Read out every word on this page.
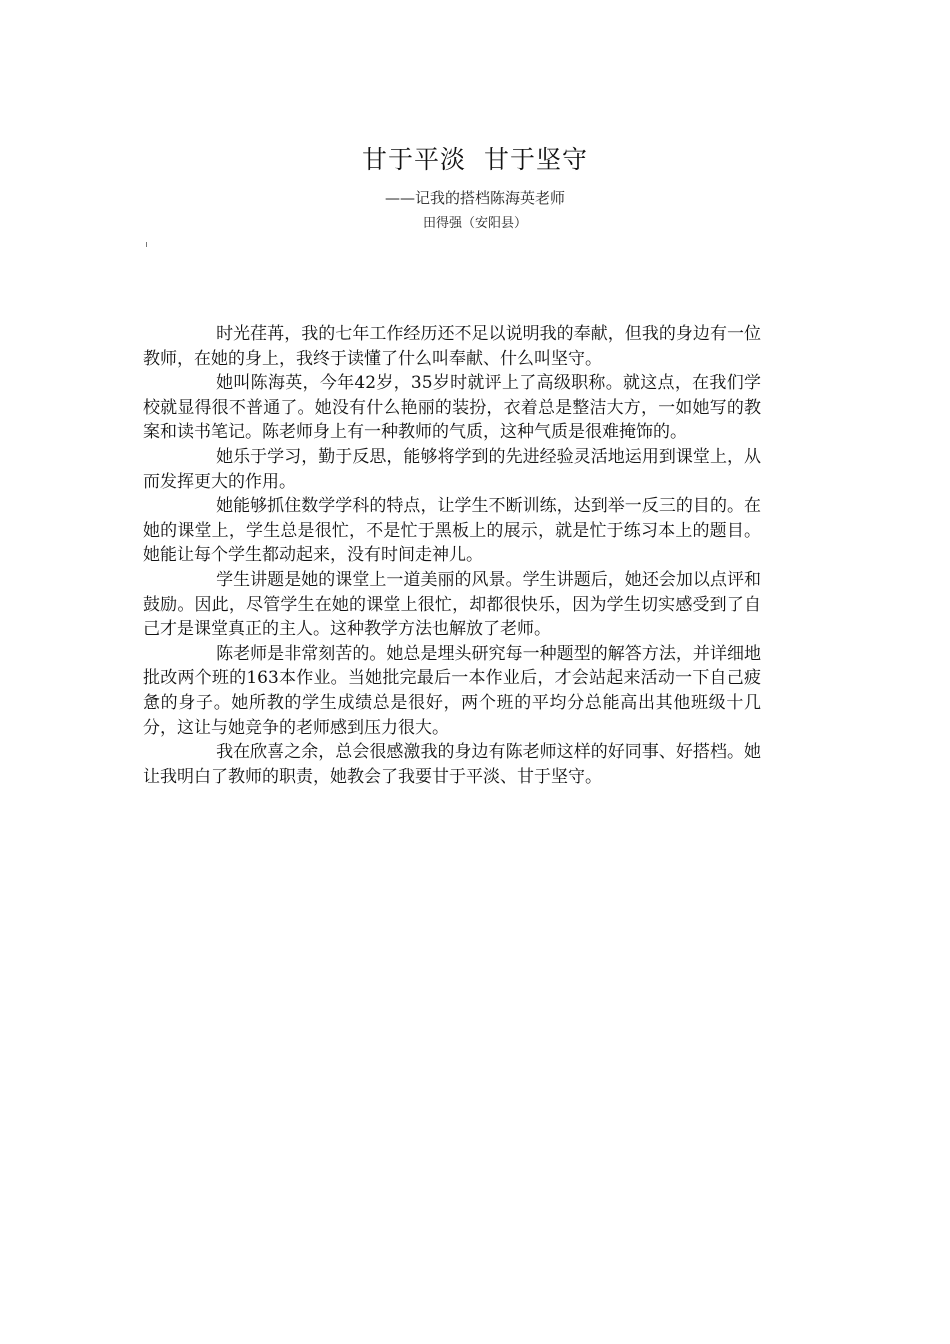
甘于平淡  甘于坚守
——记我的搭档陈海英老师
田得强（安阳县）

时光荏苒，我的七年工作经历还不足以说明我的奉献，但我的身边有一位教师，在她的身上，我终于读懂了什么叫奉献、什么叫坚守。

她叫陈海英，今年42岁，35岁时就评上了高级职称。就这点，在我们学校就显得很不普通了。她没有什么艳丽的装扮，衣着总是整洁大方，一如她写的教案和读书笔记。陈老师身上有一种教师的气质，这种气质是很难掩饰的。

她乐于学习，勤于反思，能够将学到的先进经验灵活地运用到课堂上，从而发挥更大的作用。

她能够抓住数学学科的特点，让学生不断训练，达到举一反三的目的。在她的课堂上，学生总是很忙，不是忙于黑板上的展示，就是忙于练习本上的题目。她能让每个学生都动起来，没有时间走神儿。

学生讲题是她的课堂上一道美丽的风景。学生讲题后，她还会加以点评和鼓励。因此，尽管学生在她的课堂上很忙，却都很快乐，因为学生切实感受到了自己才是课堂真正的主人。这种教学方法也解放了老师。

陈老师是非常刻苦的。她总是埋头研究每一种题型的解答方法，并详细地批改两个班的163本作业。当她批完最后一本作业后，才会站起来活动一下自己疲惫的身子。她所教的学生成绩总是很好，两个班的平均分总能高出其他班级十几分，这让与她竞争的老师感到压力很大。

我在欣喜之余，总会很感激我的身边有陈老师这样的好同事、好搭档。她让我明白了教师的职责，她教会了我要甘于平淡、甘于坚守。
